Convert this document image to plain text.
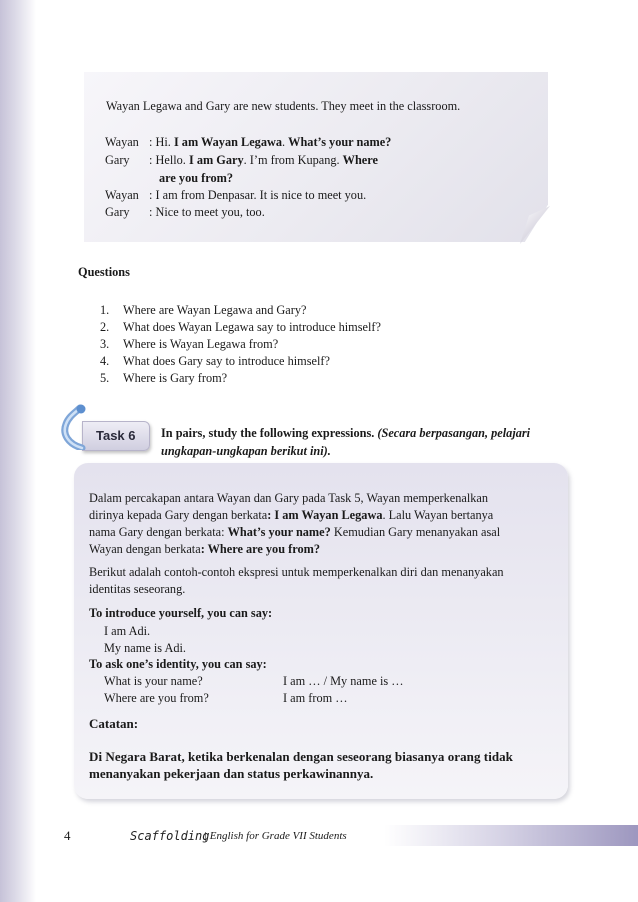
Wayan Legawa and Gary are new students. They meet in the classroom.
Wayan : Hi. I am Wayan Legawa. What’s your name?
Gary : Hello. I am Gary. I’m from Kupang. Where
are you from?
Wayan : I am from Denpasar. It is nice to meet you.
Gary : Nice to meet you, too.
Questions
1. Where are Wayan Legawa and Gary?
2. What does Wayan Legawa say to introduce himself?
3. Where is Wayan Legawa from?
4. What does Gary say to introduce himself?
5. Where is Gary from?
Task 6 In pairs, study the following expressions. (Secara berpasangan, pelajari
ungkapan-ungkapan berikut ini).
Dalam percakapan antara Wayan dan Gary pada Task 5, Wayan memperkenalkan
dirinya kepada Gary dengan berkata: I am Wayan Legawa. Lalu Wayan bertanya
nama Gary dengan berkata: What’s your name? Kemudian Gary menanyakan asal
Wayan dengan berkata: Where are you from?
Berikut adalah contoh-contoh ekspresi untuk memperkenalkan diri dan menanyakan
identitas seseorang.
To introduce yourself, you can say:
I am Adi.
My name is Adi.
To ask one’s identity, you can say:
What is your name?	I am … / My name is …
Where are you from?	I am from …
Catatan:
Di Negara Barat, ketika berkenalan dengan seseorang biasanya orang tidak
menanyakan pekerjaan dan status perkawinannya.
4	Scaffolding
| English for Grade VII Students
